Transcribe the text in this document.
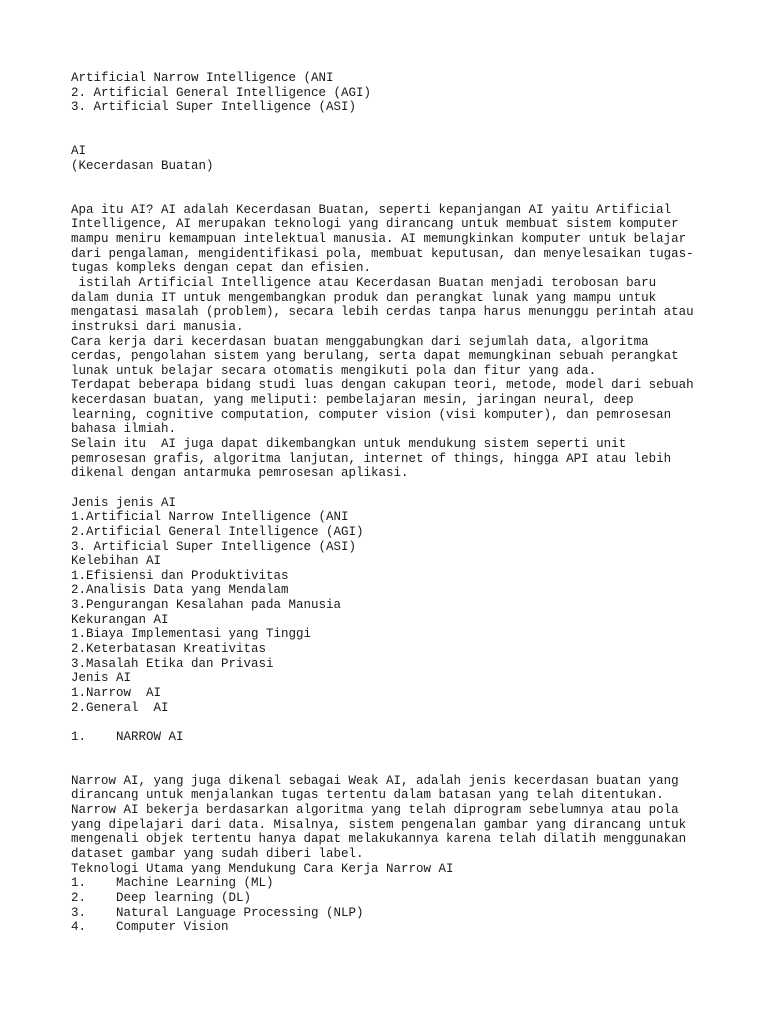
Artificial Narrow Intelligence (ANI
2. Artificial General Intelligence (AGI)
3. Artificial Super Intelligence (ASI)
AI
(Kecerdasan Buatan)
Apa itu AI? AI adalah Kecerdasan Buatan, seperti kepanjangan AI yaitu Artificial
Intelligence, AI merupakan teknologi yang dirancang untuk membuat sistem komputer
mampu meniru kemampuan intelektual manusia. AI memungkinkan komputer untuk belajar
dari pengalaman, mengidentifikasi pola, membuat keputusan, dan menyelesaikan tugas-
tugas kompleks dengan cepat dan efisien.
istilah Artificial Intelligence atau Kecerdasan Buatan menjadi terobosan baru
dalam dunia IT untuk mengembangkan produk dan perangkat lunak yang mampu untuk
mengatasi masalah (problem), secara lebih cerdas tanpa harus menunggu perintah atau
instruksi dari manusia.
Cara kerja dari kecerdasan buatan menggabungkan dari sejumlah data, algoritma
cerdas, pengolahan sistem yang berulang, serta dapat memungkinan sebuah perangkat
lunak untuk belajar secara otomatis mengikuti pola dan fitur yang ada.
Terdapat beberapa bidang studi luas dengan cakupan teori, metode, model dari sebuah
kecerdasan buatan, yang meliputi: pembelajaran mesin, jaringan neural, deep
learning, cognitive computation, computer vision (visi komputer), dan pemrosesan
bahasa ilmiah.
Selain itu  AI juga dapat dikembangkan untuk mendukung sistem seperti unit
pemrosesan grafis, algoritma lanjutan, internet of things, hingga API atau lebih
dikenal dengan antarmuka pemrosesan aplikasi.
Jenis jenis AI
1.Artificial Narrow Intelligence (ANI
2.Artificial General Intelligence (AGI)
3. Artificial Super Intelligence (ASI)
Kelebihan AI
1.Efisiensi dan Produktivitas
2.Analisis Data yang Mendalam
3.Pengurangan Kesalahan pada Manusia
Kekurangan AI
1.Biaya Implementasi yang Tinggi
2.Keterbatasan Kreativitas
3.Masalah Etika dan Privasi
Jenis AI
1.Narrow  AI
2.General  AI
1.    NARROW AI
Narrow AI, yang juga dikenal sebagai Weak AI, adalah jenis kecerdasan buatan yang
dirancang untuk menjalankan tugas tertentu dalam batasan yang telah ditentukan.
Narrow AI bekerja berdasarkan algoritma yang telah diprogram sebelumnya atau pola
yang dipelajari dari data. Misalnya, sistem pengenalan gambar yang dirancang untuk
mengenali objek tertentu hanya dapat melakukannya karena telah dilatih menggunakan
dataset gambar yang sudah diberi label.
Teknologi Utama yang Mendukung Cara Kerja Narrow AI
1.    Machine Learning (ML)
2.    Deep learning (DL)
3.    Natural Language Processing (NLP)
4.    Computer Vision
